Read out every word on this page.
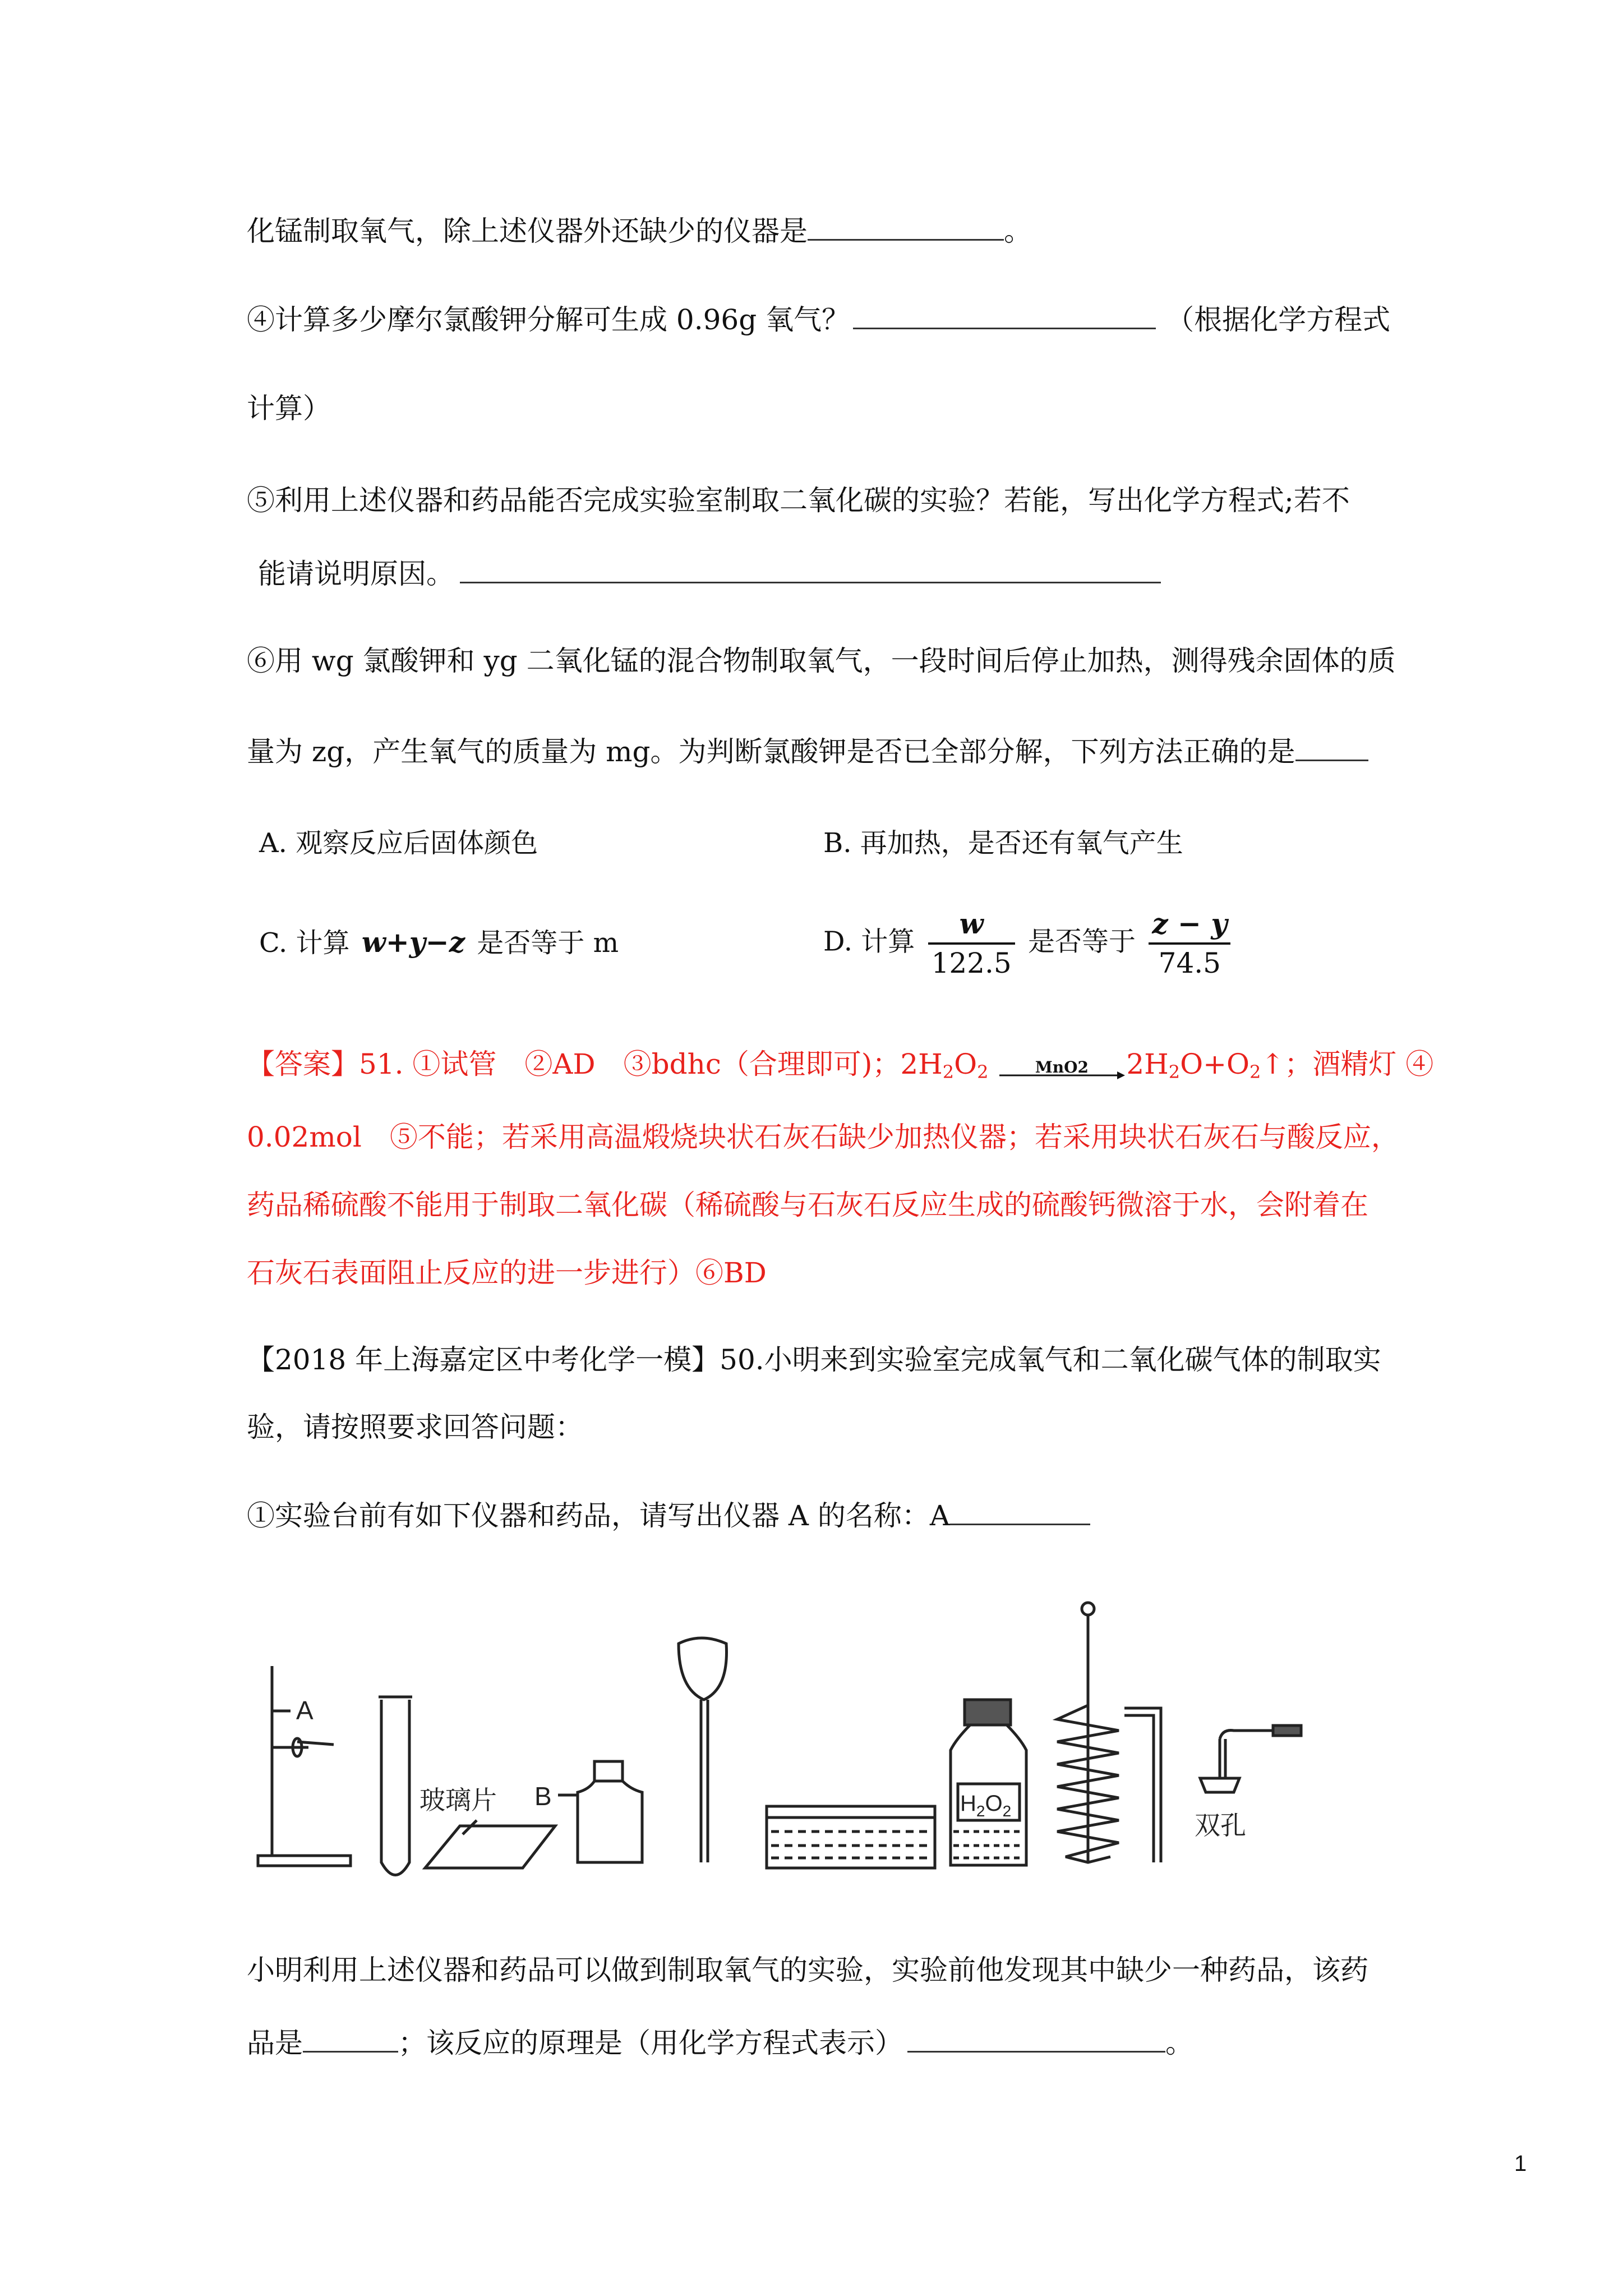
化锰制取氧气，除上述仪器外还缺少的仪器是	。
④计算多少摩尔氯酸钾分解可生成 0.96g 氧气？	（根据化学方程式
计算）
⑤利用上述仪器和药品能否完成实验室制取二氧化碳的实验？若能，写出化学方程式;若不
能请说明原因。
⑥用 wg 氯酸钾和 yg 二氧化锰的混合物制取氧气，一段时间后停止加热，测得残余固体的质
量为 zg，产生氧气的质量为 mg。为判断氯酸钾是否已全部分解，下列方法正确的是
A. 观察反应后固体颜色	B. 再加热，是否还有氧气产生
C. 计算 w+y−z 是否等于 m	D. 计算 $\frac{w}{122.5}$ 是否等于 $\frac{z - y}{74.5}$
【答案】51. ①试管　②AD　③bdhc（合理即可)；$2H_2O_2$	MnO2	$2H_2O+O_2↑$；酒精灯 ④
0.02mol　⑤不能；若采用高温煅烧块状石灰石缺少加热仪器；若采用块状石灰石与酸反应，
药品稀硫酸不能用于制取二氧化碳（稀硫酸与石灰石反应生成的硫酸钙微溶于水，会附着在
石灰石表面阻止反应的进一步进行）⑥BD
【2018 年上海嘉定区中考化学一模】50.小明来到实验室完成氧气和二氧化碳气体的制取实
验，请按照要求回答问题：
①实验台前有如下仪器和药品，请写出仪器 A 的名称：A
A
玻璃片 B	$H_2O_2$	双孔
小明利用上述仪器和药品可以做到制取氧气的实验，实验前他发现其中缺少一种药品，该药
品是	；该反应的原理是（用化学方程式表示）	。
1
